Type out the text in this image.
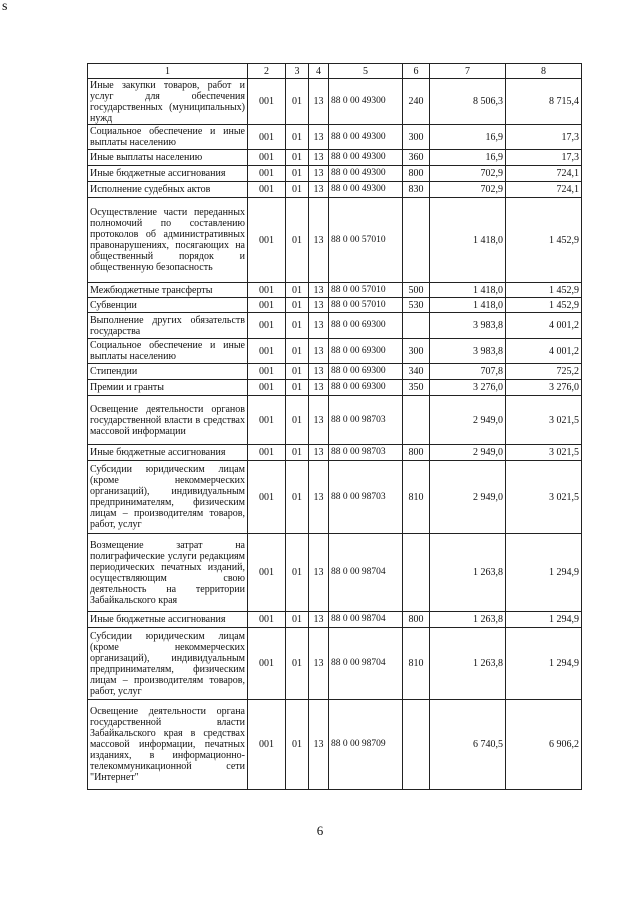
s
1	2	3	4	5	6	7	8
Иные закупки товаров, работ и услуг для обеспечения государственных (муниципальных) нужд	001	01	13	88 0 00 49300	240	8 506,3	8 715,4
Социальное обеспечение и иные выплаты населению	001	01	13	88 0 00 49300	300	16,9	17,3
Иные выплаты населению	001	01	13	88 0 00 49300	360	16,9	17,3
Иные бюджетные ассигнования	001	01	13	88 0 00 49300	800	702,9	724,1
Исполнение судебных актов	001	01	13	88 0 00 49300	830	702,9	724,1
Осуществление части переданных полномочий по составлению протоколов об административных правонарушениях, посягающих на общественный порядок и общественную безопасность	001	01	13	88 0 00 57010		1 418,0	1 452,9
Межбюджетные трансферты	001	01	13	88 0 00 57010	500	1 418,0	1 452,9
Субвенции	001	01	13	88 0 00 57010	530	1 418,0	1 452,9
Выполнение других обязательств государства	001	01	13	88 0 00 69300		3 983,8	4 001,2
Социальное обеспечение и иные выплаты населению	001	01	13	88 0 00 69300	300	3 983,8	4 001,2
Стипендии	001	01	13	88 0 00 69300	340	707,8	725,2
Премии и гранты	001	01	13	88 0 00 69300	350	3 276,0	3 276,0
Освещение деятельности органов государственной власти в средствах массовой информации	001	01	13	88 0 00 98703		2 949,0	3 021,5
Иные бюджетные ассигнования	001	01	13	88 0 00 98703	800	2 949,0	3 021,5
Субсидии юридическим лицам (кроме некоммерческих организаций), индивидуальным предпринимателям, физическим лицам – производителям товаров, работ, услуг	001	01	13	88 0 00 98703	810	2 949,0	3 021,5
Возмещение затрат на полиграфические услуги редакциям периодических печатных изданий, осуществляющим свою деятельность на территории Забайкальского края	001	01	13	88 0 00 98704		1 263,8	1 294,9
Иные бюджетные ассигнования	001	01	13	88 0 00 98704	800	1 263,8	1 294,9
Субсидии юридическим лицам (кроме некоммерческих организаций), индивидуальным предпринимателям, физическим лицам – производителям товаров, работ, услуг	001	01	13	88 0 00 98704	810	1 263,8	1 294,9
Освещение деятельности органа государственной власти Забайкальского края в средствах массовой информации, печатных изданиях, в информационно-телекоммуникационной сети "Интернет"	001	01	13	88 0 00 98709		6 740,5	6 906,2
6
